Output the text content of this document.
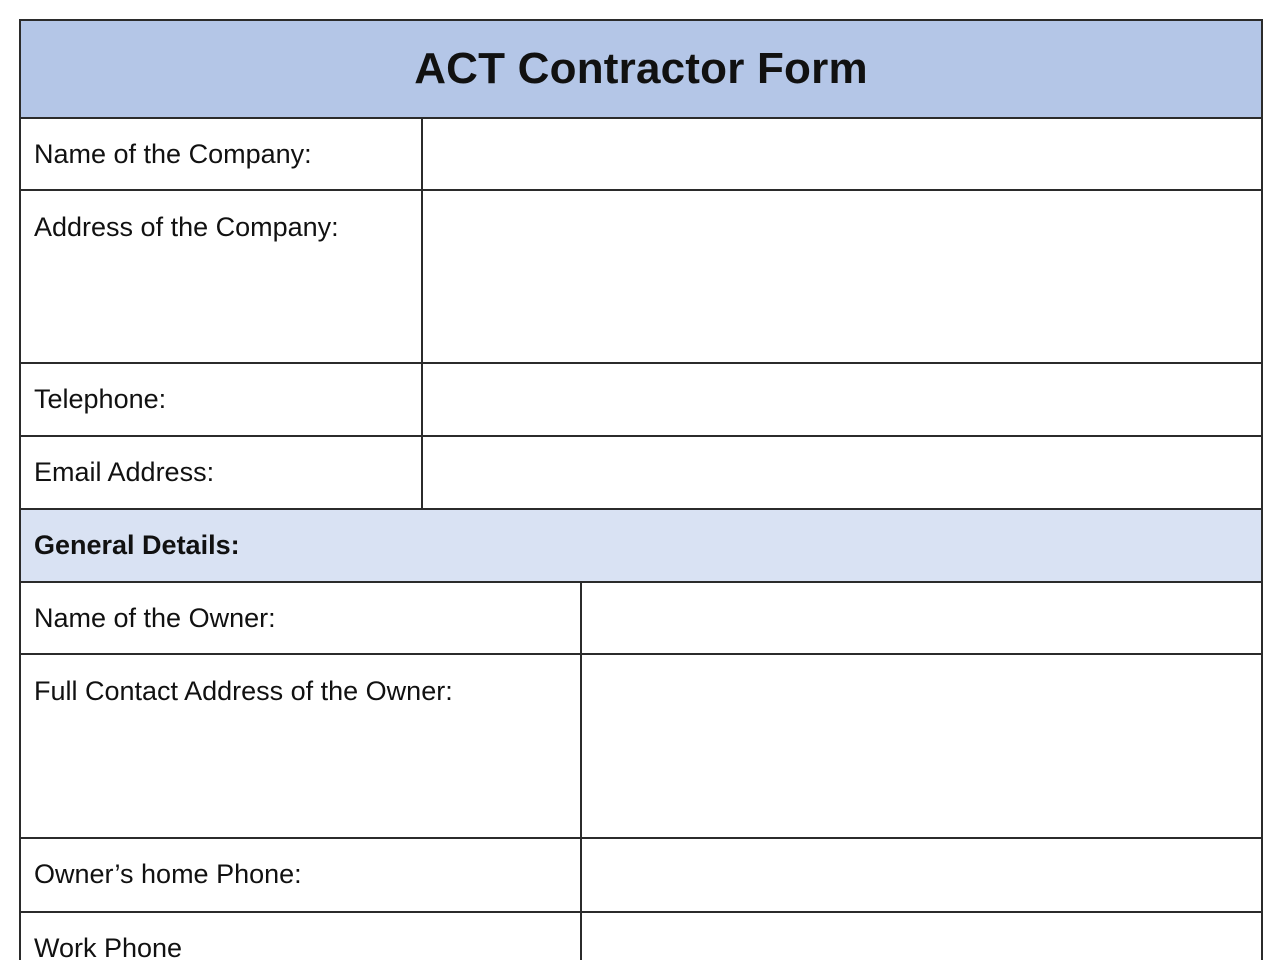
ACT Contractor Form
Name of the Company:
Address of the Company:
Telephone:
Email Address:
General Details:
Name of the Owner:
Full Contact Address of the Owner:
Owner’s home Phone:
Work Phone
